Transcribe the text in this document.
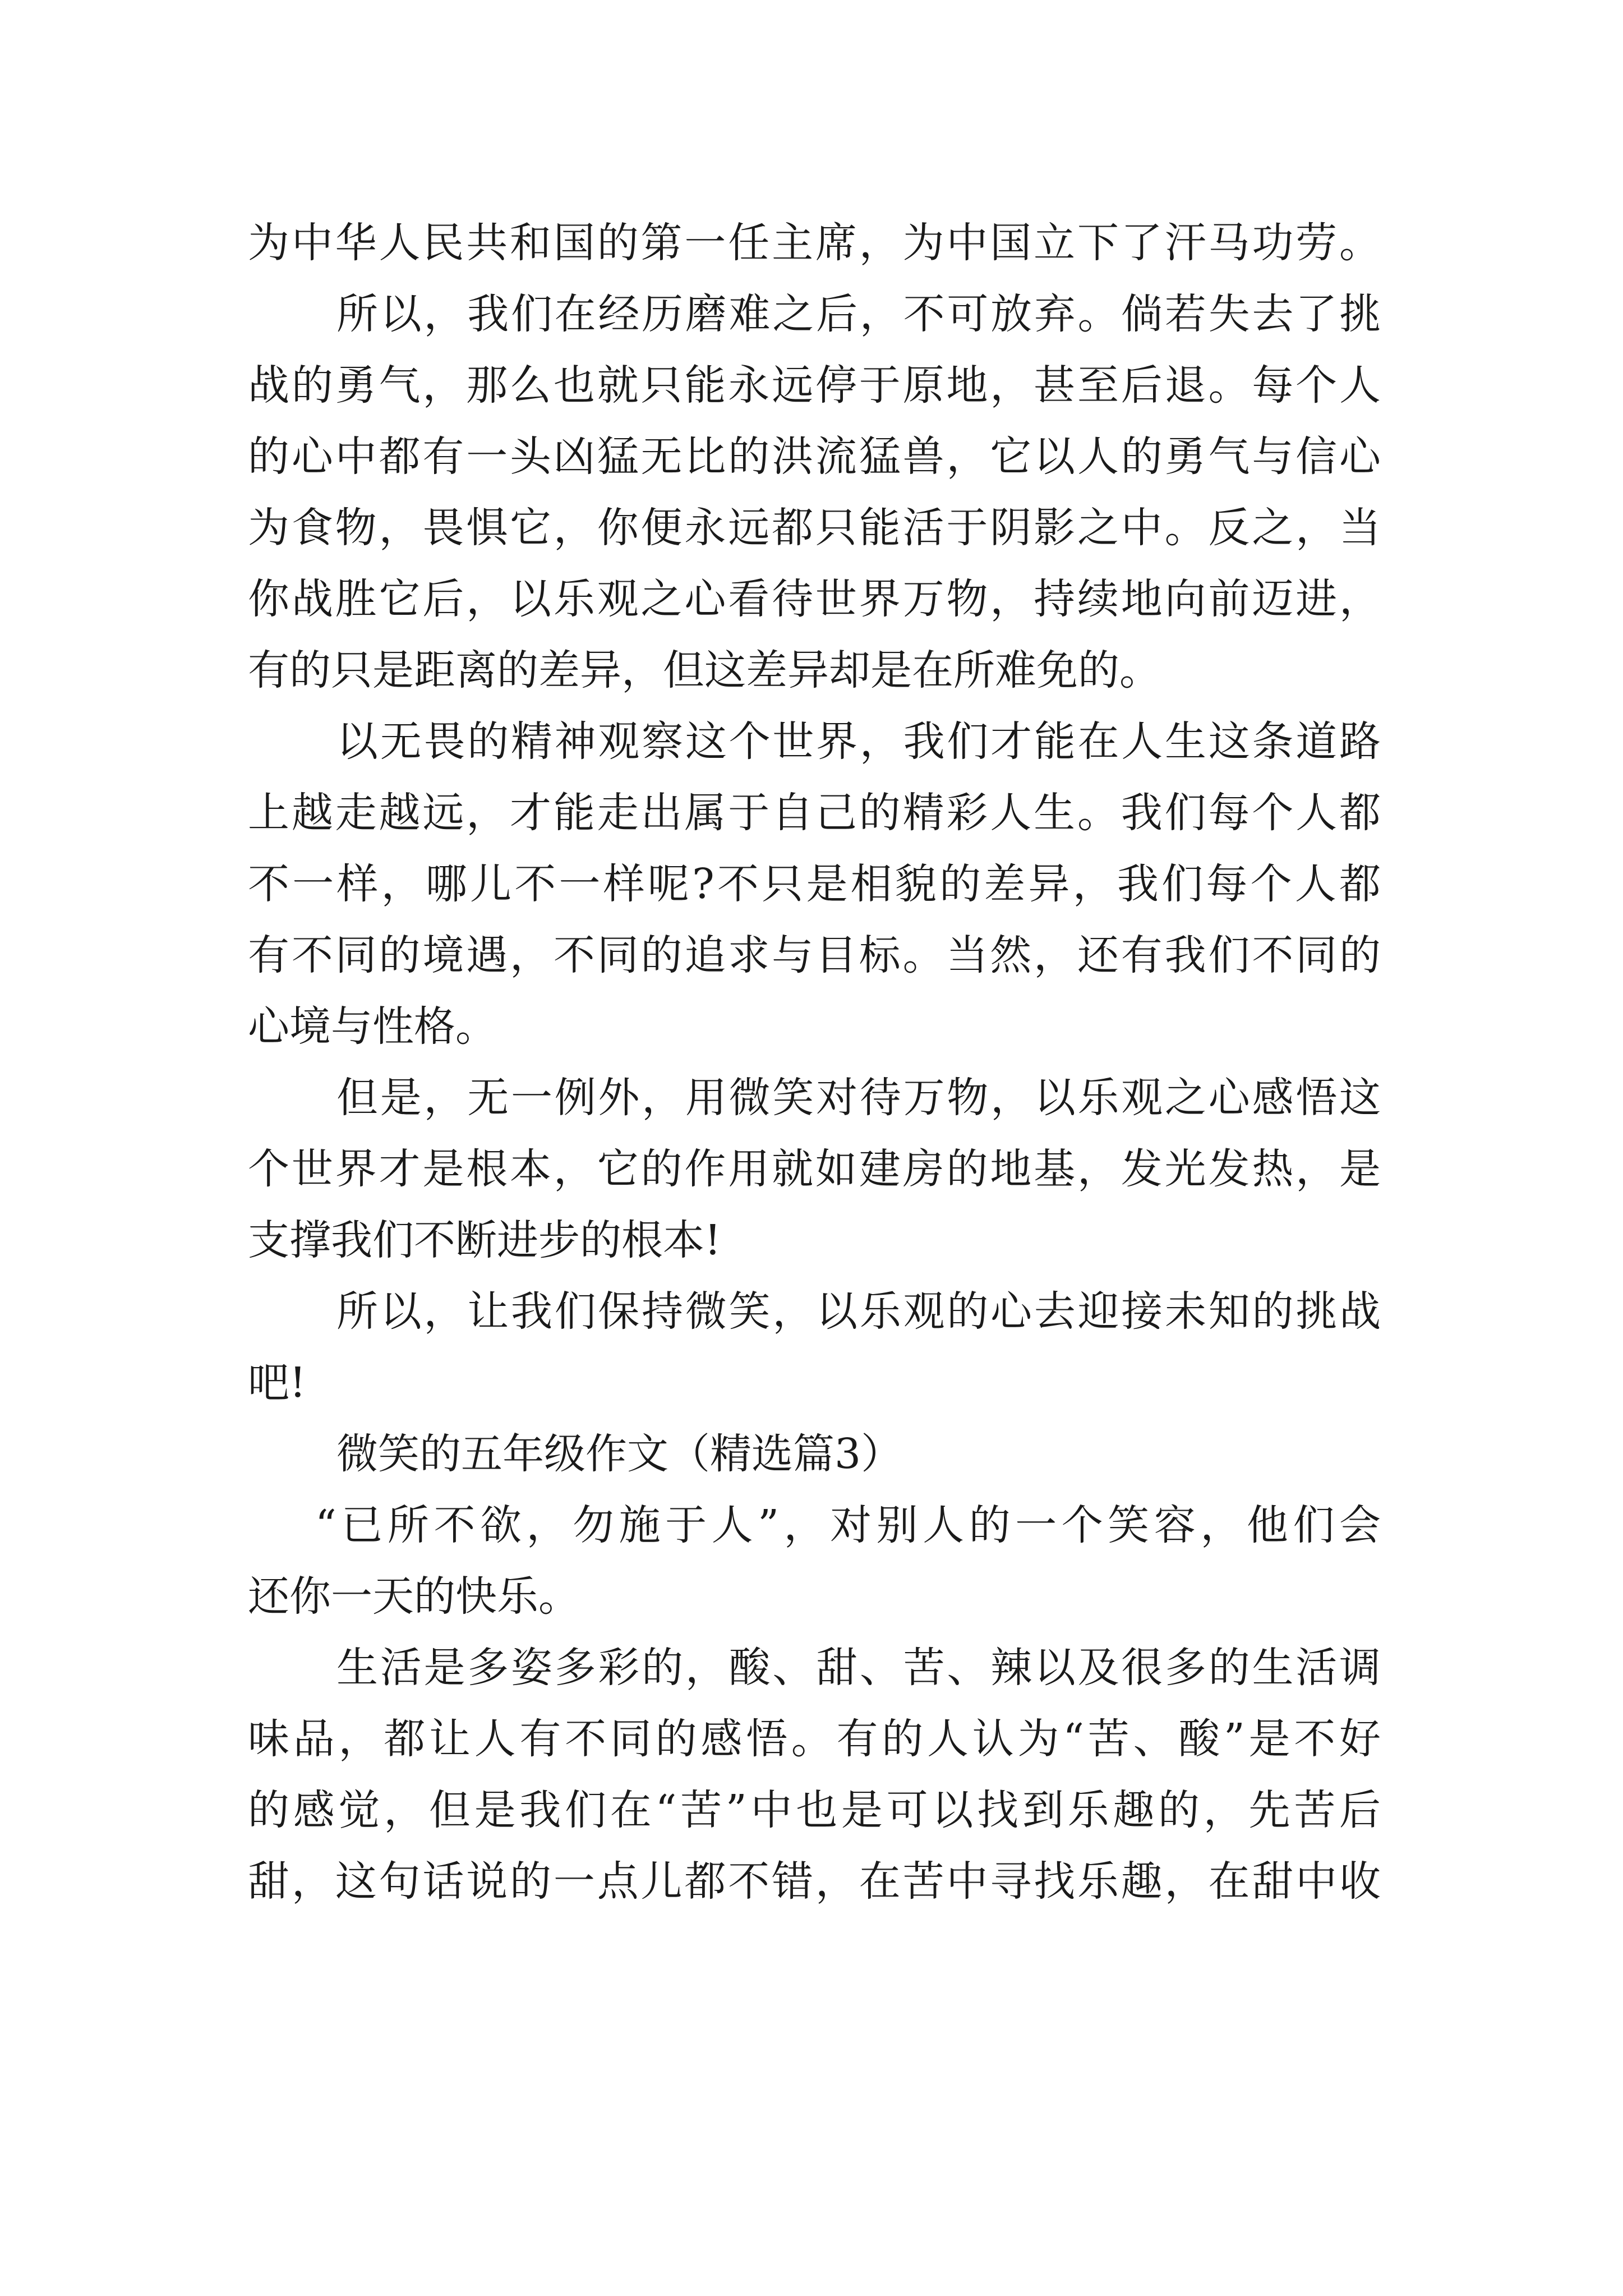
为中华人民共和国的第一任主席，为中国立下了汗马功劳。
所以，我们在经历磨难之后，不可放弃。倘若失去了挑
战的勇气，那么也就只能永远停于原地，甚至后退。每个人
的心中都有一头凶猛无比的洪流猛兽，它以人的勇气与信心
为食物，畏惧它，你便永远都只能活于阴影之中。反之，当
你战胜它后，以乐观之心看待世界万物，持续地向前迈进，
有的只是距离的差异，但这差异却是在所难免的。
以无畏的精神观察这个世界，我们才能在人生这条道路
上越走越远，才能走出属于自己的精彩人生。我们每个人都
不一样，哪儿不一样呢?不只是相貌的差异，我们每个人都
有不同的境遇，不同的追求与目标。当然，还有我们不同的
心境与性格。
但是，无一例外，用微笑对待万物，以乐观之心感悟这
个世界才是根本，它的作用就如建房的地基，发光发热，是
支撑我们不断进步的根本!
所以，让我们保持微笑，以乐观的心去迎接未知的挑战
吧!
微笑的五年级作文（精选篇3）
“已所不欲，勿施于人”，对别人的一个笑容，他们会
还你一天的快乐。
生活是多姿多彩的，酸、甜、苦、辣以及很多的生活调
味品，都让人有不同的感悟。有的人认为“苦、酸”是不好
的感觉，但是我们在“苦”中也是可以找到乐趣的，先苦后
甜，这句话说的一点儿都不错，在苦中寻找乐趣，在甜中收
